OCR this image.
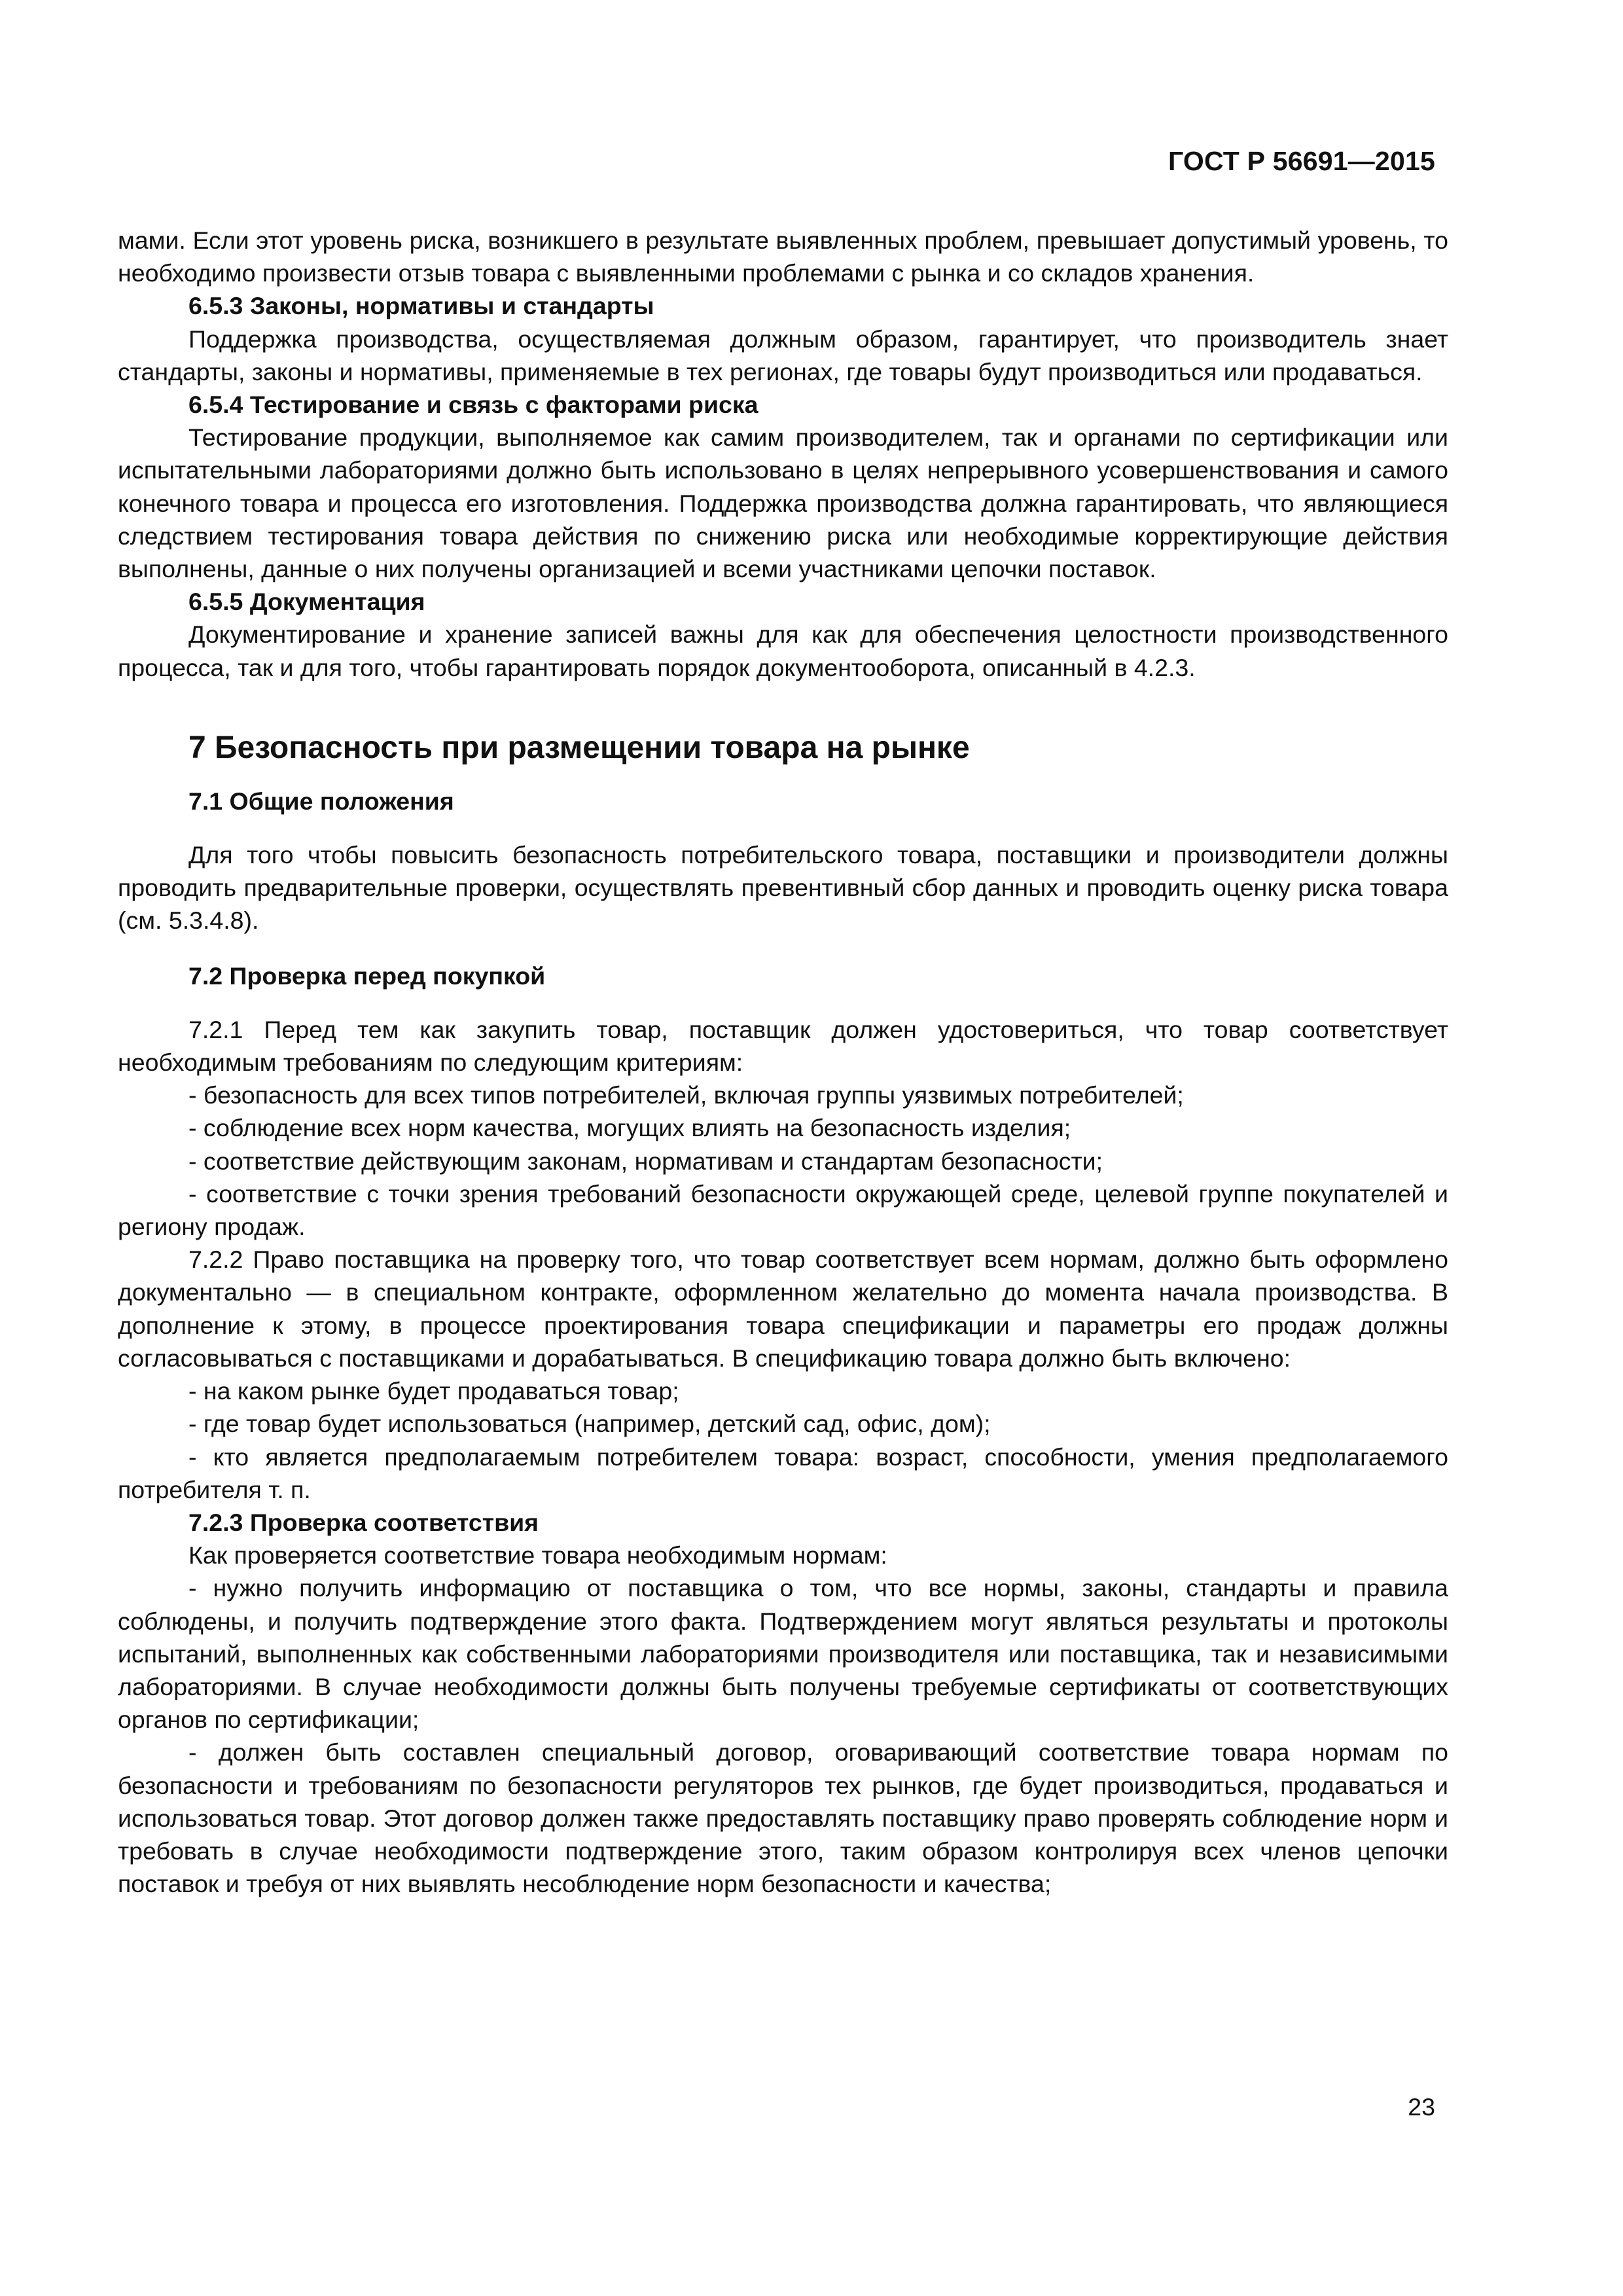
ГОСТ Р 56691—2015

мами. Если этот уровень риска, возникшего в результате выявленных проблем, превышает допустимый уровень, то необходимо произвести отзыв товара с выявленными проблемами с рынка и со складов хранения.

6.5.3 Законы, нормативы и стандарты

Поддержка производства, осуществляемая должным образом, гарантирует, что производитель знает стандарты, законы и нормативы, применяемые в тех регионах, где товары будут производиться или продаваться.

6.5.4 Тестирование и связь с факторами риска

Тестирование продукции, выполняемое как самим производителем, так и органами по сертификации или испытательными лабораториями должно быть использовано в целях непрерывного усовершенствования и самого конечного товара и процесса его изготовления. Поддержка производства должна гарантировать, что являющиеся следствием тестирования товара действия по снижению риска или необходимые корректирующие действия выполнены, данные о них получены организацией и всеми участниками цепочки поставок.

6.5.5 Документация

Документирование и хранение записей важны для как для обеспечения целостности производственного процесса, так и для того, чтобы гарантировать порядок документооборота, описанный в 4.2.3.

7 Безопасность при размещении товара на рынке
7.1 Общие положения

Для того чтобы повысить безопасность потребительского товара, поставщики и производители должны проводить предварительные проверки, осуществлять превентивный сбор данных и проводить оценку риска товара (см. 5.3.4.8).

7.2 Проверка перед покупкой

7.2.1 Перед тем как закупить товар, поставщик должен удостовериться, что товар соответствует необходимым требованиям по следующим критериям:

- безопасность для всех типов потребителей, включая группы уязвимых потребителей;

- соблюдение всех норм качества, могущих влиять на безопасность изделия;

- соответствие действующим законам, нормативам и стандартам безопасности;

- соответствие с точки зрения требований безопасности окружающей среде, целевой группе покупателей и региону продаж.

7.2.2 Право поставщика на проверку того, что товар соответствует всем нормам, должно быть оформлено документально — в специальном контракте, оформленном желательно до момента начала производства. В дополнение к этому, в процессе проектирования товара спецификации и параметры его продаж должны согласовываться с поставщиками и дорабатываться. В спецификацию товара должно быть включено:

- на каком рынке будет продаваться товар;

- где товар будет использоваться (например, детский сад, офис, дом);

- кто является предполагаемым потребителем товара: возраст, способности, умения предполагаемого потребителя т. п.

7.2.3 Проверка соответствия

Как проверяется соответствие товара необходимым нормам:

- нужно получить информацию от поставщика о том, что все нормы, законы, стандарты и правила соблюдены, и получить подтверждение этого факта. Подтверждением могут являться результаты и протоколы испытаний, выполненных как собственными лабораториями производителя или поставщика, так и независимыми лабораториями. В случае необходимости должны быть получены требуемые сертификаты от соответствующих органов по сертификации;

- должен быть составлен специальный договор, оговаривающий соответствие товара нормам по безопасности и требованиям по безопасности регуляторов тех рынков, где будет производиться, продаваться и использоваться товар. Этот договор должен также предоставлять поставщику право проверять соблюдение норм и требовать в случае необходимости подтверждение этого, таким образом контролируя всех членов цепочки поставок и требуя от них выявлять несоблюдение норм безопасности и качества;

23
